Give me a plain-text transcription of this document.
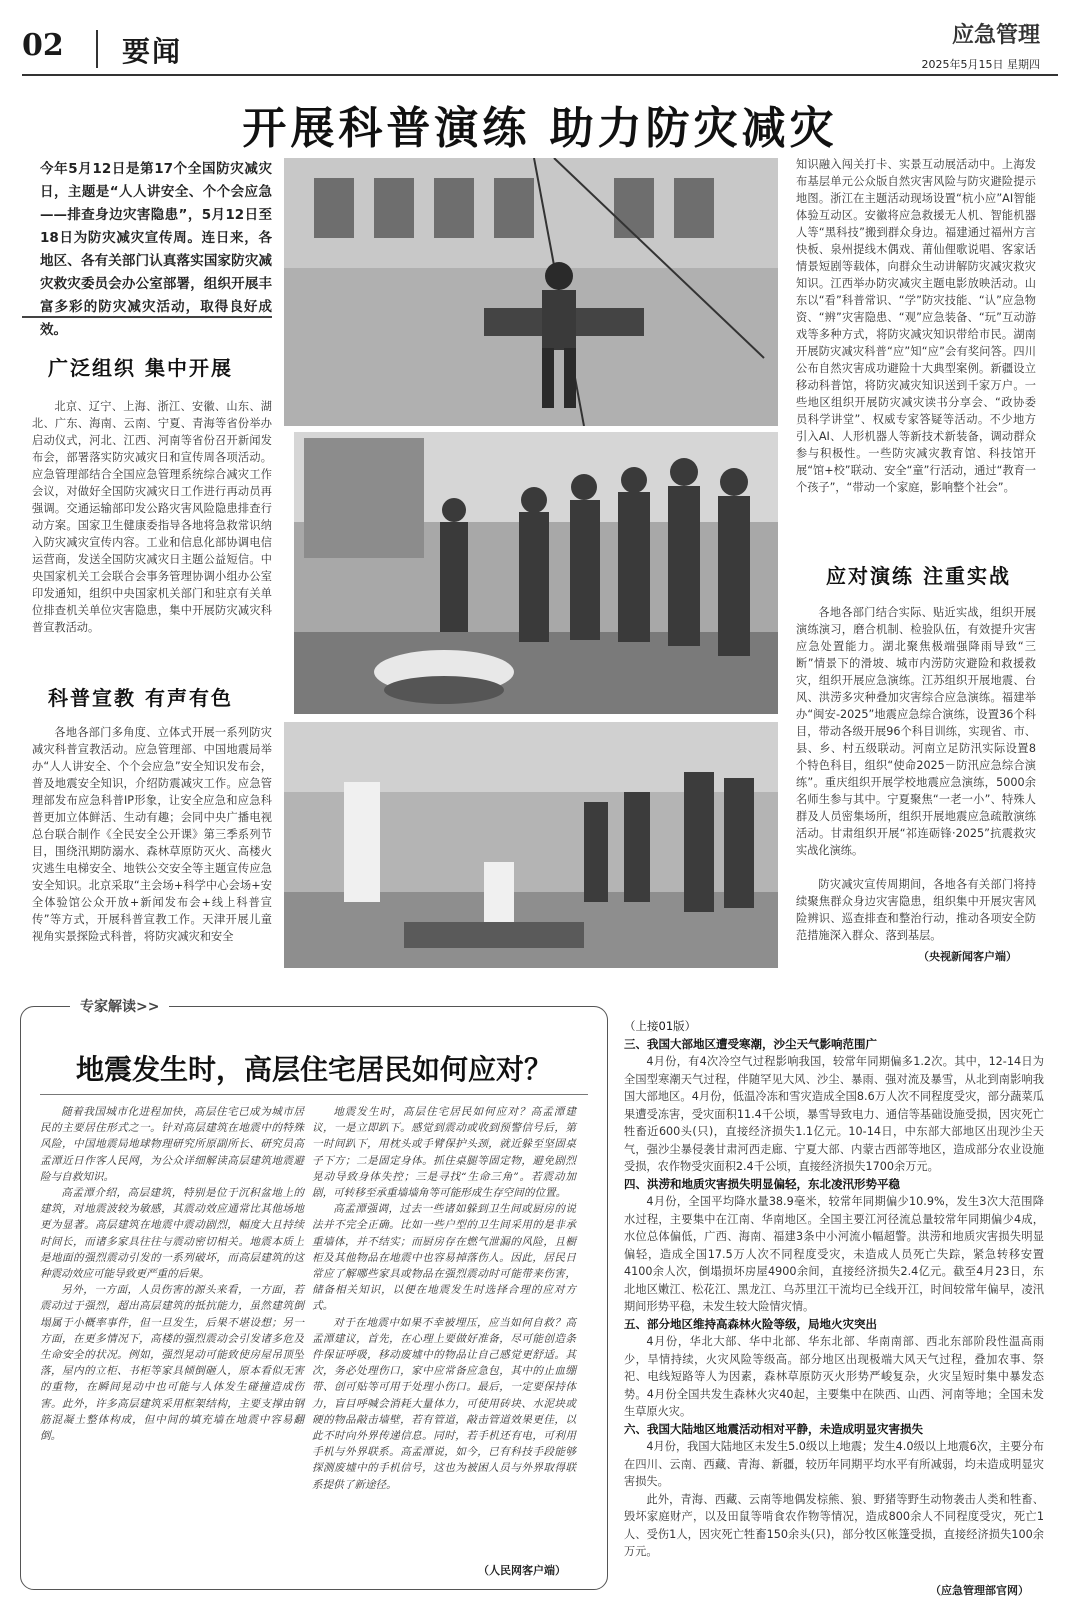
02 要闻	应急管理
2025年5月15日 星期四
开展科普演练 助力防灾减灾
今年5月12日是第17个全国防灾减灾日，主题是“人人讲安全、个个会应急——排查身边灾害隐患”，5月12日至18日为防灾减灾宣传周。连日来，各地区、各有关部门认真落实国家防灾减灾救灾委员会办公室部署，组织开展丰富多彩的防灾减灾活动，取得良好成效。
广泛组织 集中开展
北京、辽宁、上海、浙江、安徽、山东、湖北、广东、海南、云南、宁夏、青海等省份举办启动仪式，河北、江西、河南等省份召开新闻发布会，部署落实防灾减灾日和宣传周各项活动。应急管理部结合全国应急管理系统综合减灾工作会议，对做好全国防灾减灾日工作进行再动员再强调。交通运输部印发公路灾害风险隐患排查行动方案。国家卫生健康委指导各地将急救常识纳入防灾减灾宣传内容。工业和信息化部协调电信运营商，发送全国防灾减灾日主题公益短信。中央国家机关工会联合会事务管理协调小组办公室印发通知，组织中央国家机关部门和驻京有关单位排查机关单位灾害隐患，集中开展防灾减灾科普宣教活动。
科普宣教 有声有色
各地各部门多角度、立体式开展一系列防灾减灾科普宣教活动。应急管理部、中国地震局举办“人人讲安全、个个会应急”安全知识发布会，普及地震安全知识，介绍防震减灾工作。应急管理部发布应急科普IP形象，让安全应急和应急科普更加立体鲜活、生动有趣；会同中央广播电视总台联合制作《全民安全公开课》第三季系列节目，围绕汛期防溺水、森林草原防灭火、高楼火灾逃生电梯安全、地铁公交安全等主题宣传应急安全知识。北京采取“主会场+科学中心会场+安全体验馆公众开放+新闻发布会+线上科普宣传”等方式，开展科普宣教工作。天津开展儿童视角实景探险式科普，将防灾减灾和安全
知识融入闯关打卡、实景互动展活动中。上海发布基层单元公众版自然灾害风险与防灾避险提示地图。浙江在主题活动现场设置“杭小应”AI智能体验互动区。安徽将应急救援无人机、智能机器人等“黑科技”搬到群众身边。福建通过福州方言快板、泉州提线木偶戏、莆仙俚歌说唱、客家话情景短剧等载体，向群众生动讲解防灾减灾救灾知识。江西举办防灾减灾主题电影放映活动。山东以“看”科普常识、“学”防灾技能、“认”应急物资、“辨”灾害隐患、“观”应急装备、“玩”互动游戏等多种方式，将防灾减灾知识带给市民。湖南开展防灾减灾科普“应”知“应”会有奖问答。四川公布自然灾害成功避险十大典型案例。新疆设立移动科普馆，将防灾减灾知识送到千家万户。一些地区组织开展防灾减灾读书分享会、“政协委员科学讲堂”、权威专家答疑等活动。不少地方引入AI、人形机器人等新技术新装备，调动群众参与积极性。一些防灾减灾教育馆、科技馆开展“馆+校”联动、安全“童”行活动，通过“教育一个孩子”，“带动一个家庭，影响整个社会”。
应对演练 注重实战
各地各部门结合实际、贴近实战，组织开展演练演习，磨合机制、检验队伍，有效提升灾害应急处置能力。湖北聚焦极端强降雨导致“三断”情景下的滑坡、城市内涝防灾避险和救援救灾，组织开展应急演练。江苏组织开展地震、台风、洪涝多灾种叠加灾害综合应急演练。福建举办“闽安-2025”地震应急综合演练，设置36个科目，带动各级开展96个科目训练，实现省、市、县、乡、村五级联动。河南立足防汛实际设置8个特色科目，组织“使命2025－防汛应急综合演练”。重庆组织开展学校地震应急演练，5000余名师生参与其中。宁夏聚焦“一老一小”、特殊人群及人员密集场所，组织开展地震应急疏散演练活动。甘肃组织开展“祁连砺锋·2025”抗震救灾实战化演练。
防灾减灾宣传周期间，各地各有关部门将持续聚焦群众身边灾害隐患，组织集中开展灾害风险辨识、巡查排查和整治行动，推动各项安全防范措施深入群众、落到基层。
（央视新闻客户端）
专家解读>>
地震发生时，高层住宅居民如何应对？
随着我国城市化进程加快，高层住宅已成为城市居民的主要居住形式之一。针对高层建筑在地震中的特殊风险，中国地震局地球物理研究所原副所长、研究员高孟潭近日作客人民网，为公众详细解读高层建筑地震避险与自救知识。
高孟潭介绍，高层建筑，特别是位于沉积盆地上的建筑，对地震波较为敏感，其震动效应通常比其他场地更为显著。高层建筑在地震中震动剧烈，幅度大且持续时间长，而诸多家具往往与震动密切相关。地震本质上是地面的强烈震动引发的一系列破坏，而高层建筑的这种震动效应可能导致更严重的后果。
另外，一方面，人员伤害的源头来看，一方面，若震动过于强烈，超出高层建筑的抵抗能力，虽然建筑倒塌属于小概率事件，但一旦发生，后果不堪设想；另一方面，在更多情况下，高楼的强烈震动会引发诸多危及生命安全的状况。例如，强烈晃动可能致使房屋吊顶坠落，屋内的立柜、书柜等家具倾倒砸人，原本看似无害的重物，在瞬间晃动中也可能与人体发生碰撞造成伤害。此外，许多高层建筑采用框架结构，主要支撑由钢筋混凝土整体构成，但中间的填充墙在地震中容易翻倒。
地震发生时，高层住宅居民如何应对？高孟潭建议，一是立即趴下。感觉到震动或收到预警信号后，第一时间趴下，用枕头或手臂保护头颈，就近躲至坚固桌子下方；二是固定身体。抓住桌腿等固定物，避免剧烈晃动导致身体失控；三是寻找“生命三角”。若震动加剧，可转移至承重墙墙角等可能形成生存空间的位置。
高孟潭强调，过去一些诸如躲到卫生间或厨房的说法并不完全正确。比如一些户型的卫生间采用的是非承重墙体，并不结实；而厨房存在燃气泄漏的风险，且橱柜及其他物品在地震中也容易掉落伤人。因此，居民日常应了解哪些家具或物品在强烈震动时可能带来伤害，储备相关知识，以便在地震发生时选择合理的应对方式。
对于在地震中如果不幸被埋压，应当如何自救？高孟潭建议，首先，在心理上要做好准备，尽可能创造条件保证呼吸，移动废墟中的物品让自己感觉更舒适。其次，务必处理伤口，家中应常备应急包，其中的止血绷带、创可贴等可用于处理小伤口。最后，一定要保持体力，盲目呼喊会消耗大量体力，可使用砖块、水泥块或硬的物品敲击墙壁，若有管道，敲击管道效果更佳，以此不时向外界传递信息。同时，若手机还有电，可利用手机与外界联系。高孟潭说，如今，已有科技手段能够探测废墟中的手机信号，这也为被困人员与外界取得联系提供了新途径。
（人民网客户端）
（上接01版）
三、我国大部地区遭受寒潮，沙尘天气影响范围广

4月份，有4次冷空气过程影响我国，较常年同期偏多1.2次。其中，12-14日为全国型寒潮天气过程，伴随罕见大风、沙尘、暴雨、强对流及暴雪，从北到南影响我国大部地区。4月份，低温冷冻和雪灾造成全国8.6万人次不同程度受灾，部分蔬菜瓜果遭受冻害，受灾面积11.4千公顷，暴雪导致电力、通信等基础设施受损，因灾死亡牲畜近600头(只)，直接经济损失1.1亿元。10-14日，中东部大部地区出现沙尘天气，强沙尘暴侵袭甘肃河西走廊、宁夏大部、内蒙古西部等地区，造成部分农业设施受损，农作物受灾面积2.4千公顷，直接经济损失1700余万元。

四、洪涝和地质灾害损失明显偏轻，东北凌汛形势平稳

4月份，全国平均降水量38.9毫米，较常年同期偏少10.9%，发生3次大范围降水过程，主要集中在江南、华南地区。全国主要江河径流总量较常年同期偏少4成，水位总体偏低，广西、海南、福建3条中小河流小幅超警。洪涝和地质灾害损失明显偏轻，造成全国17.5万人次不同程度受灾，未造成人员死亡失踪，紧急转移安置4100余人次，倒塌损坏房屋4900余间，直接经济损失2.4亿元。截至4月23日，东北地区嫩江、松花江、黑龙江、乌苏里江干流均已全线开江，时间较常年偏早，凌汛期间形势平稳，未发生较大险情灾情。

五、部分地区维持高森林火险等级，局地火灾突出

4月份，华北大部、华中北部、华东北部、华南南部、西北东部阶段性温高雨少，旱情持续，火灾风险等级高。部分地区出现极端大风天气过程，叠加农事、祭祀、电线短路等人为因素，森林草原防灭火形势严峻复杂，火灾呈短时集中暴发态势。4月份全国共发生森林火灾40起，主要集中在陕西、山西、河南等地；全国未发生草原火灾。

六、我国大陆地区地震活动相对平静，未造成明显灾害损失

4月份，我国大陆地区未发生5.0级以上地震；发生4.0级以上地震6次，主要分布在四川、云南、西藏、青海、新疆，较历年同期平均水平有所减弱，均未造成明显灾害损失。

此外，青海、西藏、云南等地偶发棕熊、狼、野猪等野生动物袭击人类和牲畜、毁坏家庭财产，以及田鼠等啃食农作物等情况，造成800余人不同程度受灾，死亡1人、受伤1人，因灾死亡牲畜150余头(只)，部分牧区帐篷受损，直接经济损失100余万元。

（应急管理部官网）
